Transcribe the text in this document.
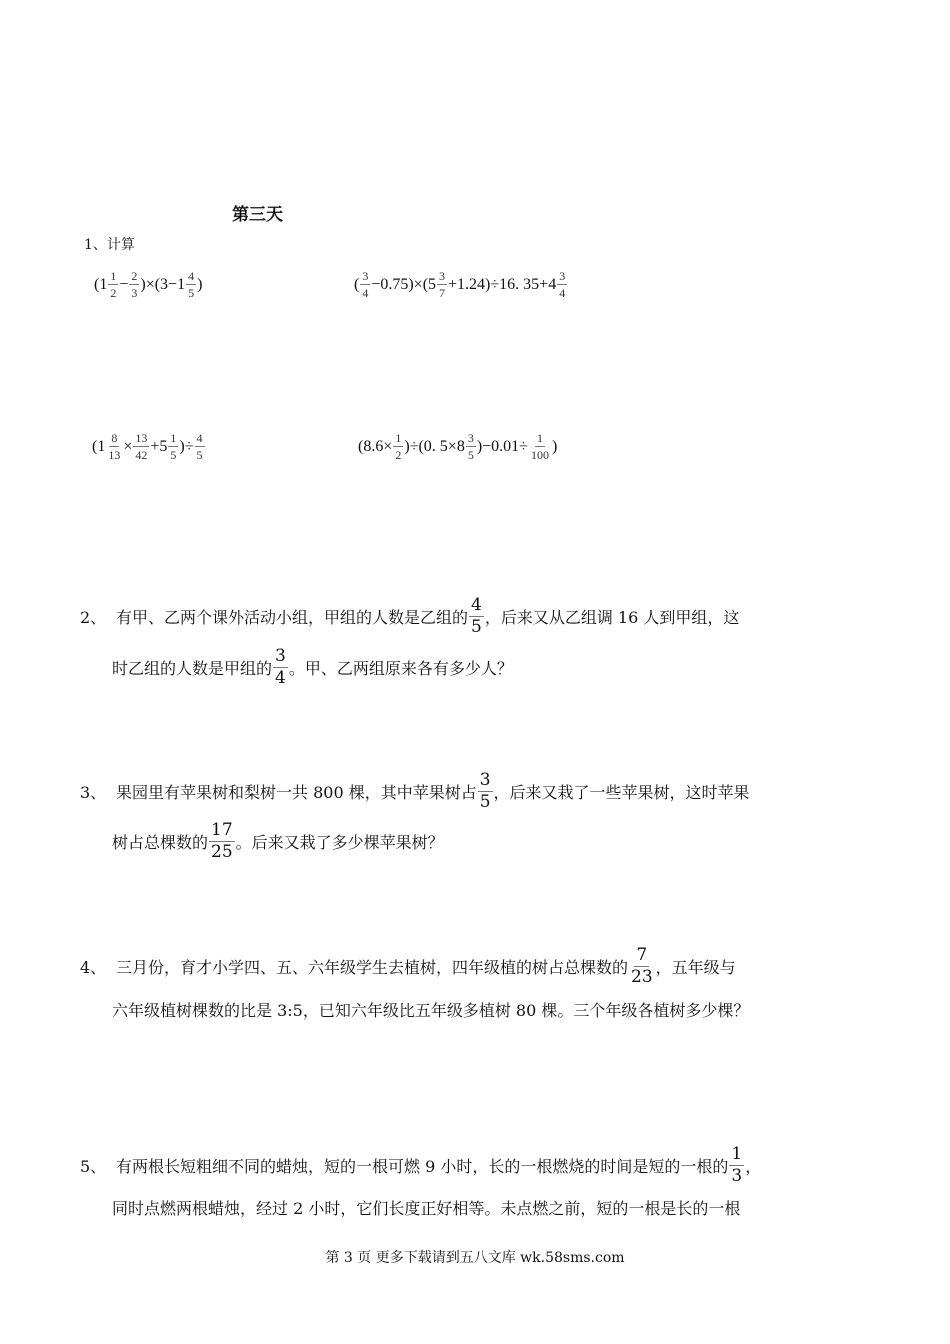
第三天
1、计算
$(1 \frac{1}{2} - \frac{2}{3} )\times(3-1 \frac{4}{5}$ )	( $\frac{3}{4} -0.75)\times(5 \frac{3}{7} +1.24)\div 16$. $35+4 \frac{3}{4}$
($1 \frac{8}{13} \times \frac{13}{42} +5 \frac{1}{5}$ )÷ $\frac{4}{5}$	$(8.6\times \frac{1}{2} )\div(0$. $5\times 8 \frac{3}{5} )-0.01\div \frac{1}{100}$ )
2、 有甲、乙两个课外活动小组，甲组的人数是乙组的 $\frac{4}{5}$ ，后来又从乙组调 16 人到甲组，这
时乙组的人数是甲组的 $\frac{3}{4}$ 。甲、乙两组原来各有多少人？
3、 果园里有苹果树和梨树一共 800 棵，其中苹果树占 $\frac{3}{5}$ ，后来又栽了一些苹果树，这时苹果
树占总棵数的 $\frac{17}{25}$ 。后来又栽了多少棵苹果树？
4、 三月份，育才小学四、五、六年级学生去植树，四年级植的树占总棵数的 $\frac{7}{23}$ ，五年级与
六年级植树棵数的比是 3:5，已知六年级比五年级多植树 80 棵。三个年级各植树多少棵？
5、 有两根长短粗细不同的蜡烛，短的一根可燃 9 小时，长的一根燃烧的时间是短的一根的 $\frac{1}{3}$ ，
同时点燃两根蜡烛，经过 2 小时，它们长度正好相等。未点燃之前，短的一根是长的一根
第 3 页 更多下载请到五八文库 wk.58sms.com
